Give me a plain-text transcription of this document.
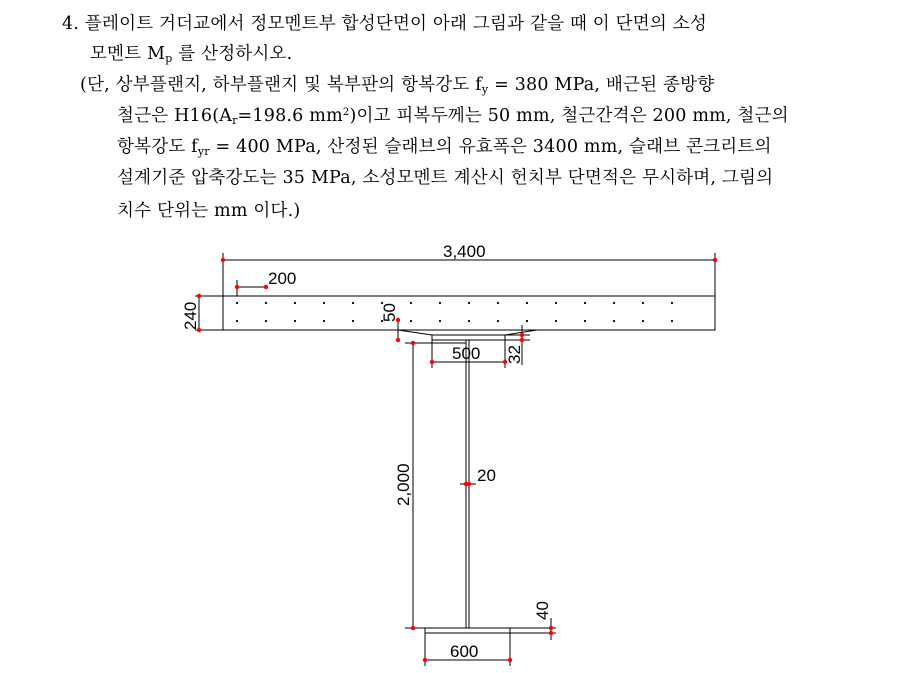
4. 플레이트 거더교에서 정모멘트부 합성단면이 아래 그림과 같을 때 이 단면의 소성
모멘트 $M_p$ 를 산정하시오.
(단, 상부플랜지, 하부플랜지 및 복부판의 항복강도 $f_y = 380$ MPa, 배근된 종방향
철근은 $H16(A_r=198.6$ $mm^2$)이고 피복두께는 50 mm, 철근간격은 200 mm, 철근의
항복강도 $f_{yr} = 400$ MPa, 산정된 슬래브의 유효폭은 3400 mm, 슬래브 콘크리트의
설계기준 압축강도는 35 MPa, 소성모멘트 계산시 헌치부 단면적은 무시하며, 그림의
치수 단위는 mm 이다.)
3,400
200
240	50
500 32
2,000	20
40
600
